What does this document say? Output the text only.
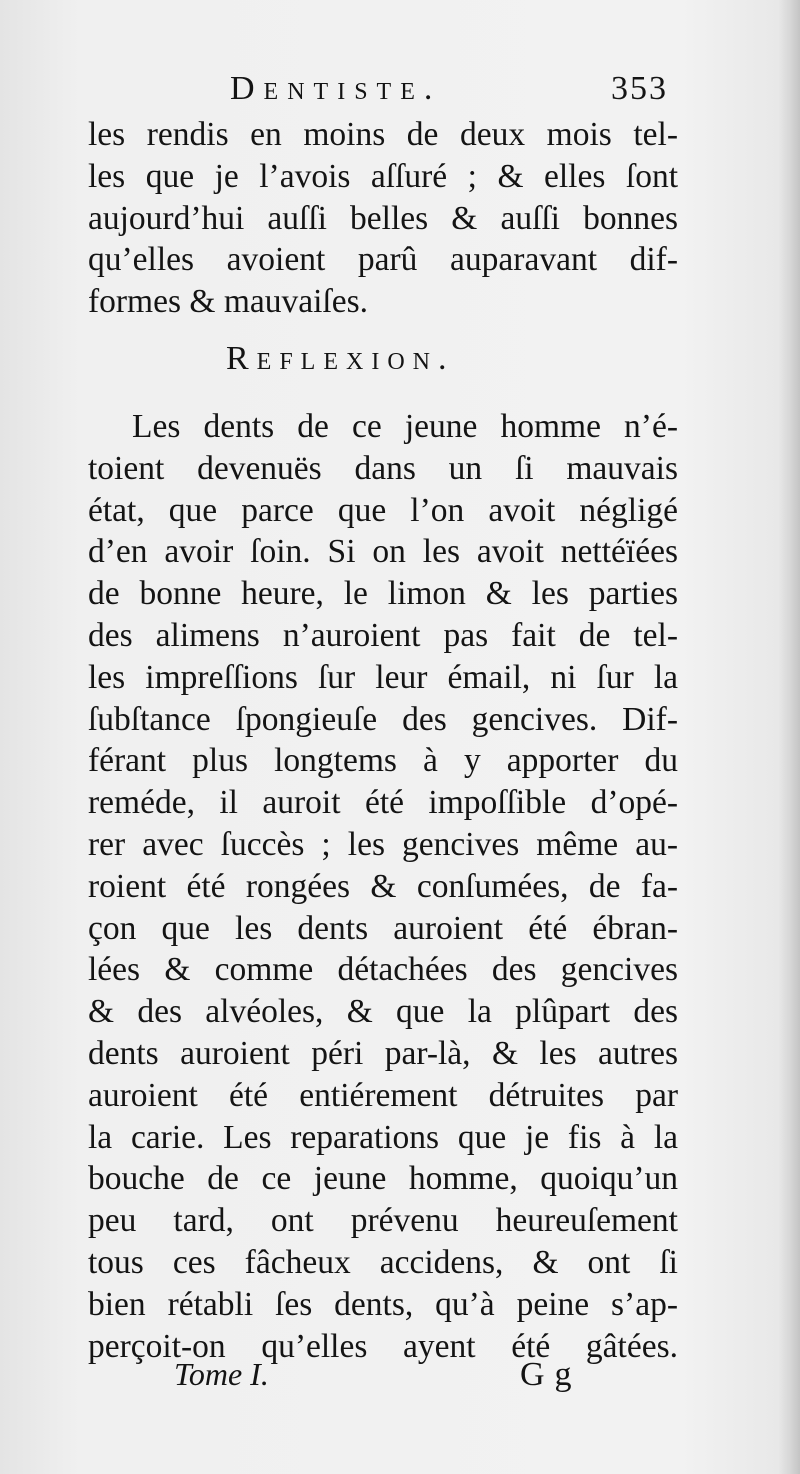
Dentiste.	353
les rendis en moins de deux mois tel-
les que je l’avois aſſuré ; & elles ſont
aujourd’hui auſſi belles & auſſi bonnes
qu’elles avoient parû auparavant dif-
formes & mauvaiſes.
Reflexion.
Les dents de ce jeune homme n’é-
toient devenuës dans un ſi mauvais
état, que parce que l’on avoit négligé
d’en avoir ſoin. Si on les avoit nettéïées
de bonne heure, le limon & les parties
des alimens n’auroient pas fait de tel-
les impreſſions ſur leur émail, ni ſur la
ſubſtance ſpongieuſe des gencives. Dif-
férant plus longtems à y apporter du
reméde, il auroit été impoſſible d’opé-
rer avec ſuccès ; les gencives même au-
roient été rongées & conſumées, de fa-
çon que les dents auroient été ébran-
lées & comme détachées des gencives
& des alvéoles, & que la plûpart des
dents auroient péri par-là, & les autres
auroient été entiérement détruites par
la carie. Les reparations que je fis à la
bouche de ce jeune homme, quoiqu’un
peu tard, ont prévenu heureuſement
tous ces fâcheux accidens, & ont ſi
bien rétabli ſes dents, qu’à peine s’ap-
perçoit-on qu’elles ayent été gâtées.
Tome I.	Gg
